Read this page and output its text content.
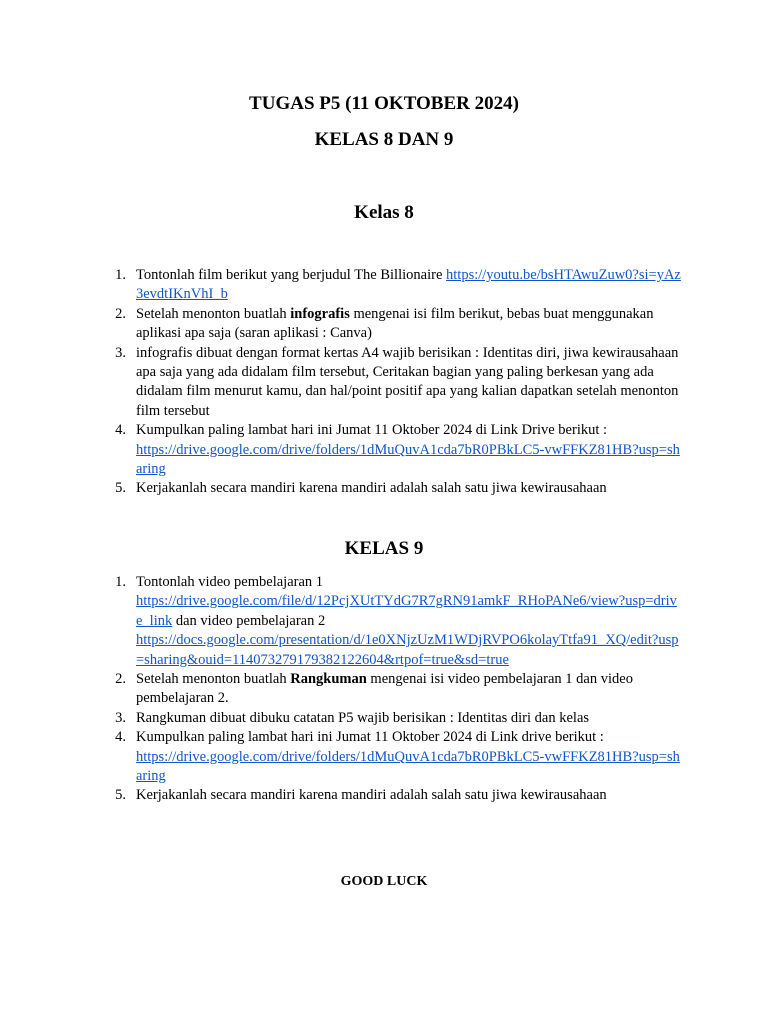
TUGAS P5 (11 OKTOBER 2024)
KELAS 8 DAN 9
Kelas 8
1. Tontonlah film berikut yang berjudul The Billionaire https://youtu.be/bsHTAwuZuw0?si=yAz3evdtIKnVhI_b
2. Setelah menonton buatlah infografis mengenai isi film berikut, bebas buat menggunakan aplikasi apa saja (saran aplikasi : Canva)
3. infografis dibuat dengan format kertas A4 wajib berisikan : Identitas diri, jiwa kewirausahaan apa saja yang ada didalam film tersebut, Ceritakan bagian yang paling berkesan yang ada didalam film menurut kamu, dan hal/point positif apa yang kalian dapatkan setelah menonton film tersebut
4. Kumpulkan paling lambat hari ini Jumat 11 Oktober 2024 di Link Drive berikut :
https://drive.google.com/drive/folders/1dMuQuvA1cda7bR0PBkLC5-vwFFKZ81HB?usp=sharing
5. Kerjakanlah secara mandiri karena mandiri adalah salah satu jiwa kewirausahaan
KELAS 9
1. Tontonlah video pembelajaran 1
https://drive.google.com/file/d/12PcjXUtTYdG7R7gRN91amkF_RHoPANe6/view?usp=drive_link dan video pembelajaran 2
https://docs.google.com/presentation/d/1e0XNjzUzM1WDjRVPO6kolayTtfa91_XQ/edit?usp=sharing&ouid=114073279179382122604&rtpof=true&sd=true
2. Setelah menonton buatlah Rangkuman mengenai isi video pembelajaran 1 dan video pembelajaran 2.
3. Rangkuman dibuat dibuku catatan P5 wajib berisikan : Identitas diri dan kelas
4. Kumpulkan paling lambat hari ini Jumat 11 Oktober 2024 di Link drive berikut :
https://drive.google.com/drive/folders/1dMuQuvA1cda7bR0PBkLC5-vwFFKZ81HB?usp=sharing
5. Kerjakanlah secara mandiri karena mandiri adalah salah satu jiwa kewirausahaan

GOOD LUCK
